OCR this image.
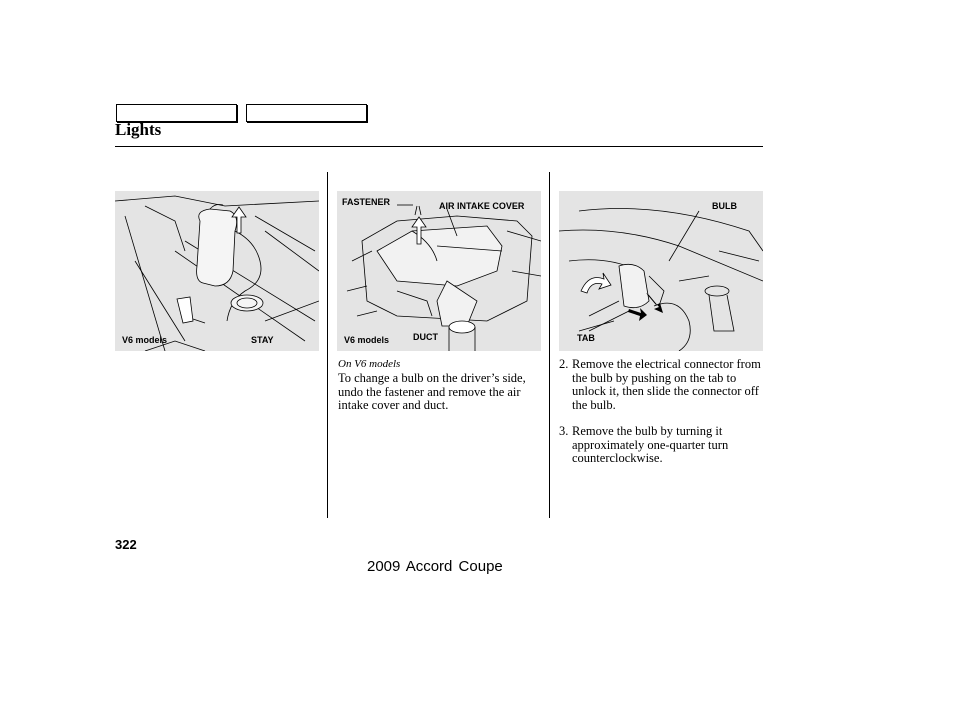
Lights
V6 models	STAY
FASTENER	AIR INTAKE COVER
V6 models	DUCT
BULB
TAB
On V6 models
To change a bulb on the driver’s side, undo the fastener and remove the air intake cover and duct.
2. Remove the electrical connector from the bulb by pushing on the tab to unlock it, then slide the connector off the bulb.
3. Remove the bulb by turning it approximately one-quarter turn counterclockwise.
322
2009 Accord Coupe
